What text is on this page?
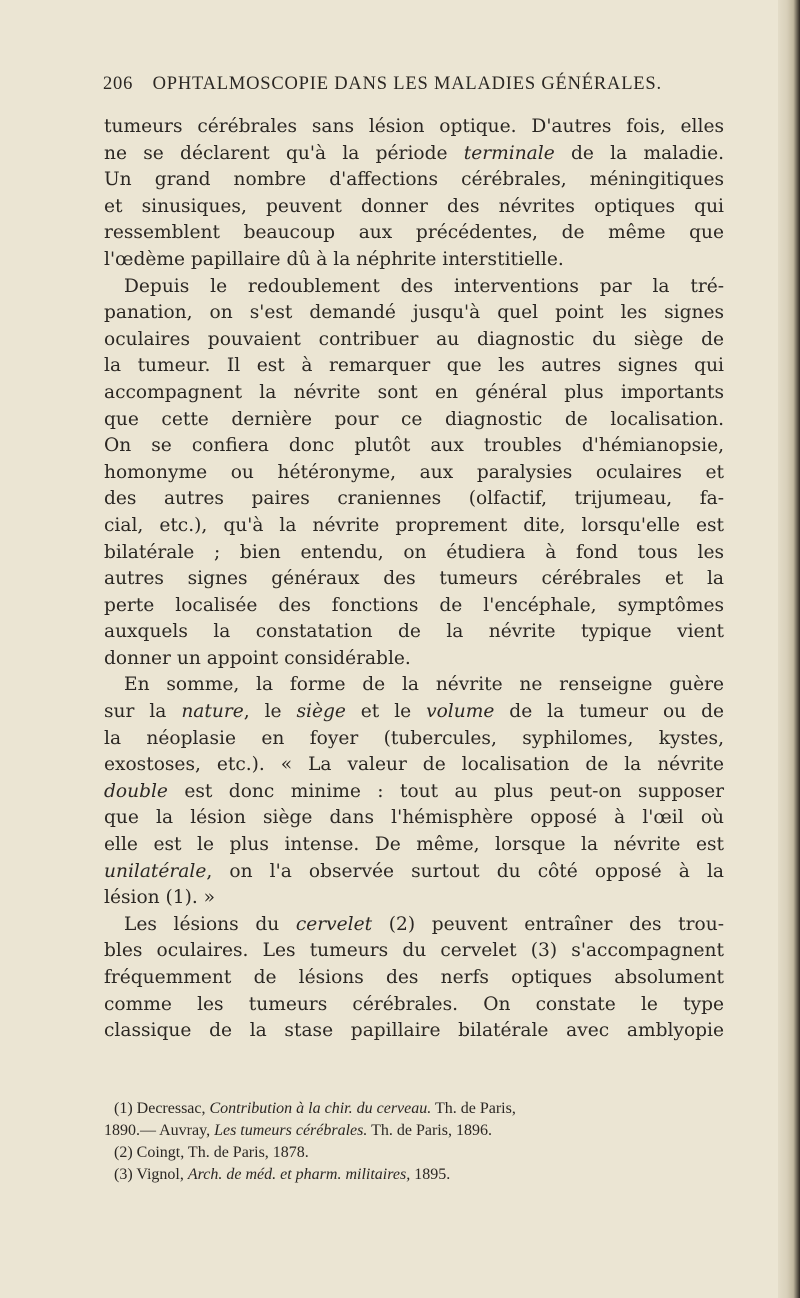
206 OPHTALMOSCOPIE DANS LES MALADIES GÉNÉRALES.
tumeurs cérébrales sans lésion optique. D'autres fois, elles
ne se déclarent qu'à la période terminale de la maladie.
Un grand nombre d'affections cérébrales, méningitiques
et sinusiques, peuvent donner des névrites optiques qui
ressemblent beaucoup aux précédentes, de même que
l'œdème papillaire dû à la néphrite interstitielle.
Depuis le redoublement des interventions par la tré-
panation, on s'est demandé jusqu'à quel point les signes
oculaires pouvaient contribuer au diagnostic du siège de
la tumeur. Il est à remarquer que les autres signes qui
accompagnent la névrite sont en général plus importants
que cette dernière pour ce diagnostic de localisation.
On se confiera donc plutôt aux troubles d'hémianopsie,
homonyme ou hétéronyme, aux paralysies oculaires et
des autres paires craniennes (olfactif, trijumeau, fa-
cial, etc.), qu'à la névrite proprement dite, lorsqu'elle est
bilatérale ; bien entendu, on étudiera à fond tous les
autres signes généraux des tumeurs cérébrales et la
perte localisée des fonctions de l'encéphale, symptômes
auxquels la constatation de la névrite typique vient
donner un appoint considérable.
En somme, la forme de la névrite ne renseigne guère
sur la nature, le siège et le volume de la tumeur ou de
la néoplasie en foyer (tubercules, syphilomes, kystes,
exostoses, etc.). « La valeur de localisation de la névrite
double est donc minime : tout au plus peut-on supposer
que la lésion siège dans l'hémisphère opposé à l'œil où
elle est le plus intense. De même, lorsque la névrite est
unilatérale, on l'a observée surtout du côté opposé à la
lésion (1). »
Les lésions du cervelet (2) peuvent entraîner des trou-
bles oculaires. Les tumeurs du cervelet (3) s'accompagnent
fréquemment de lésions des nerfs optiques absolument
comme les tumeurs cérébrales. On constate le type
classique de la stase papillaire bilatérale avec amblyopie
(1) Decressac, Contribution à la chir. du cerveau. Th. de Paris,
1890.— Auvray, Les tumeurs cérébrales. Th. de Paris, 1896.
(2) Coingt, Th. de Paris, 1878.
(3) Vignol, Arch. de méd. et pharm. militaires, 1895.
